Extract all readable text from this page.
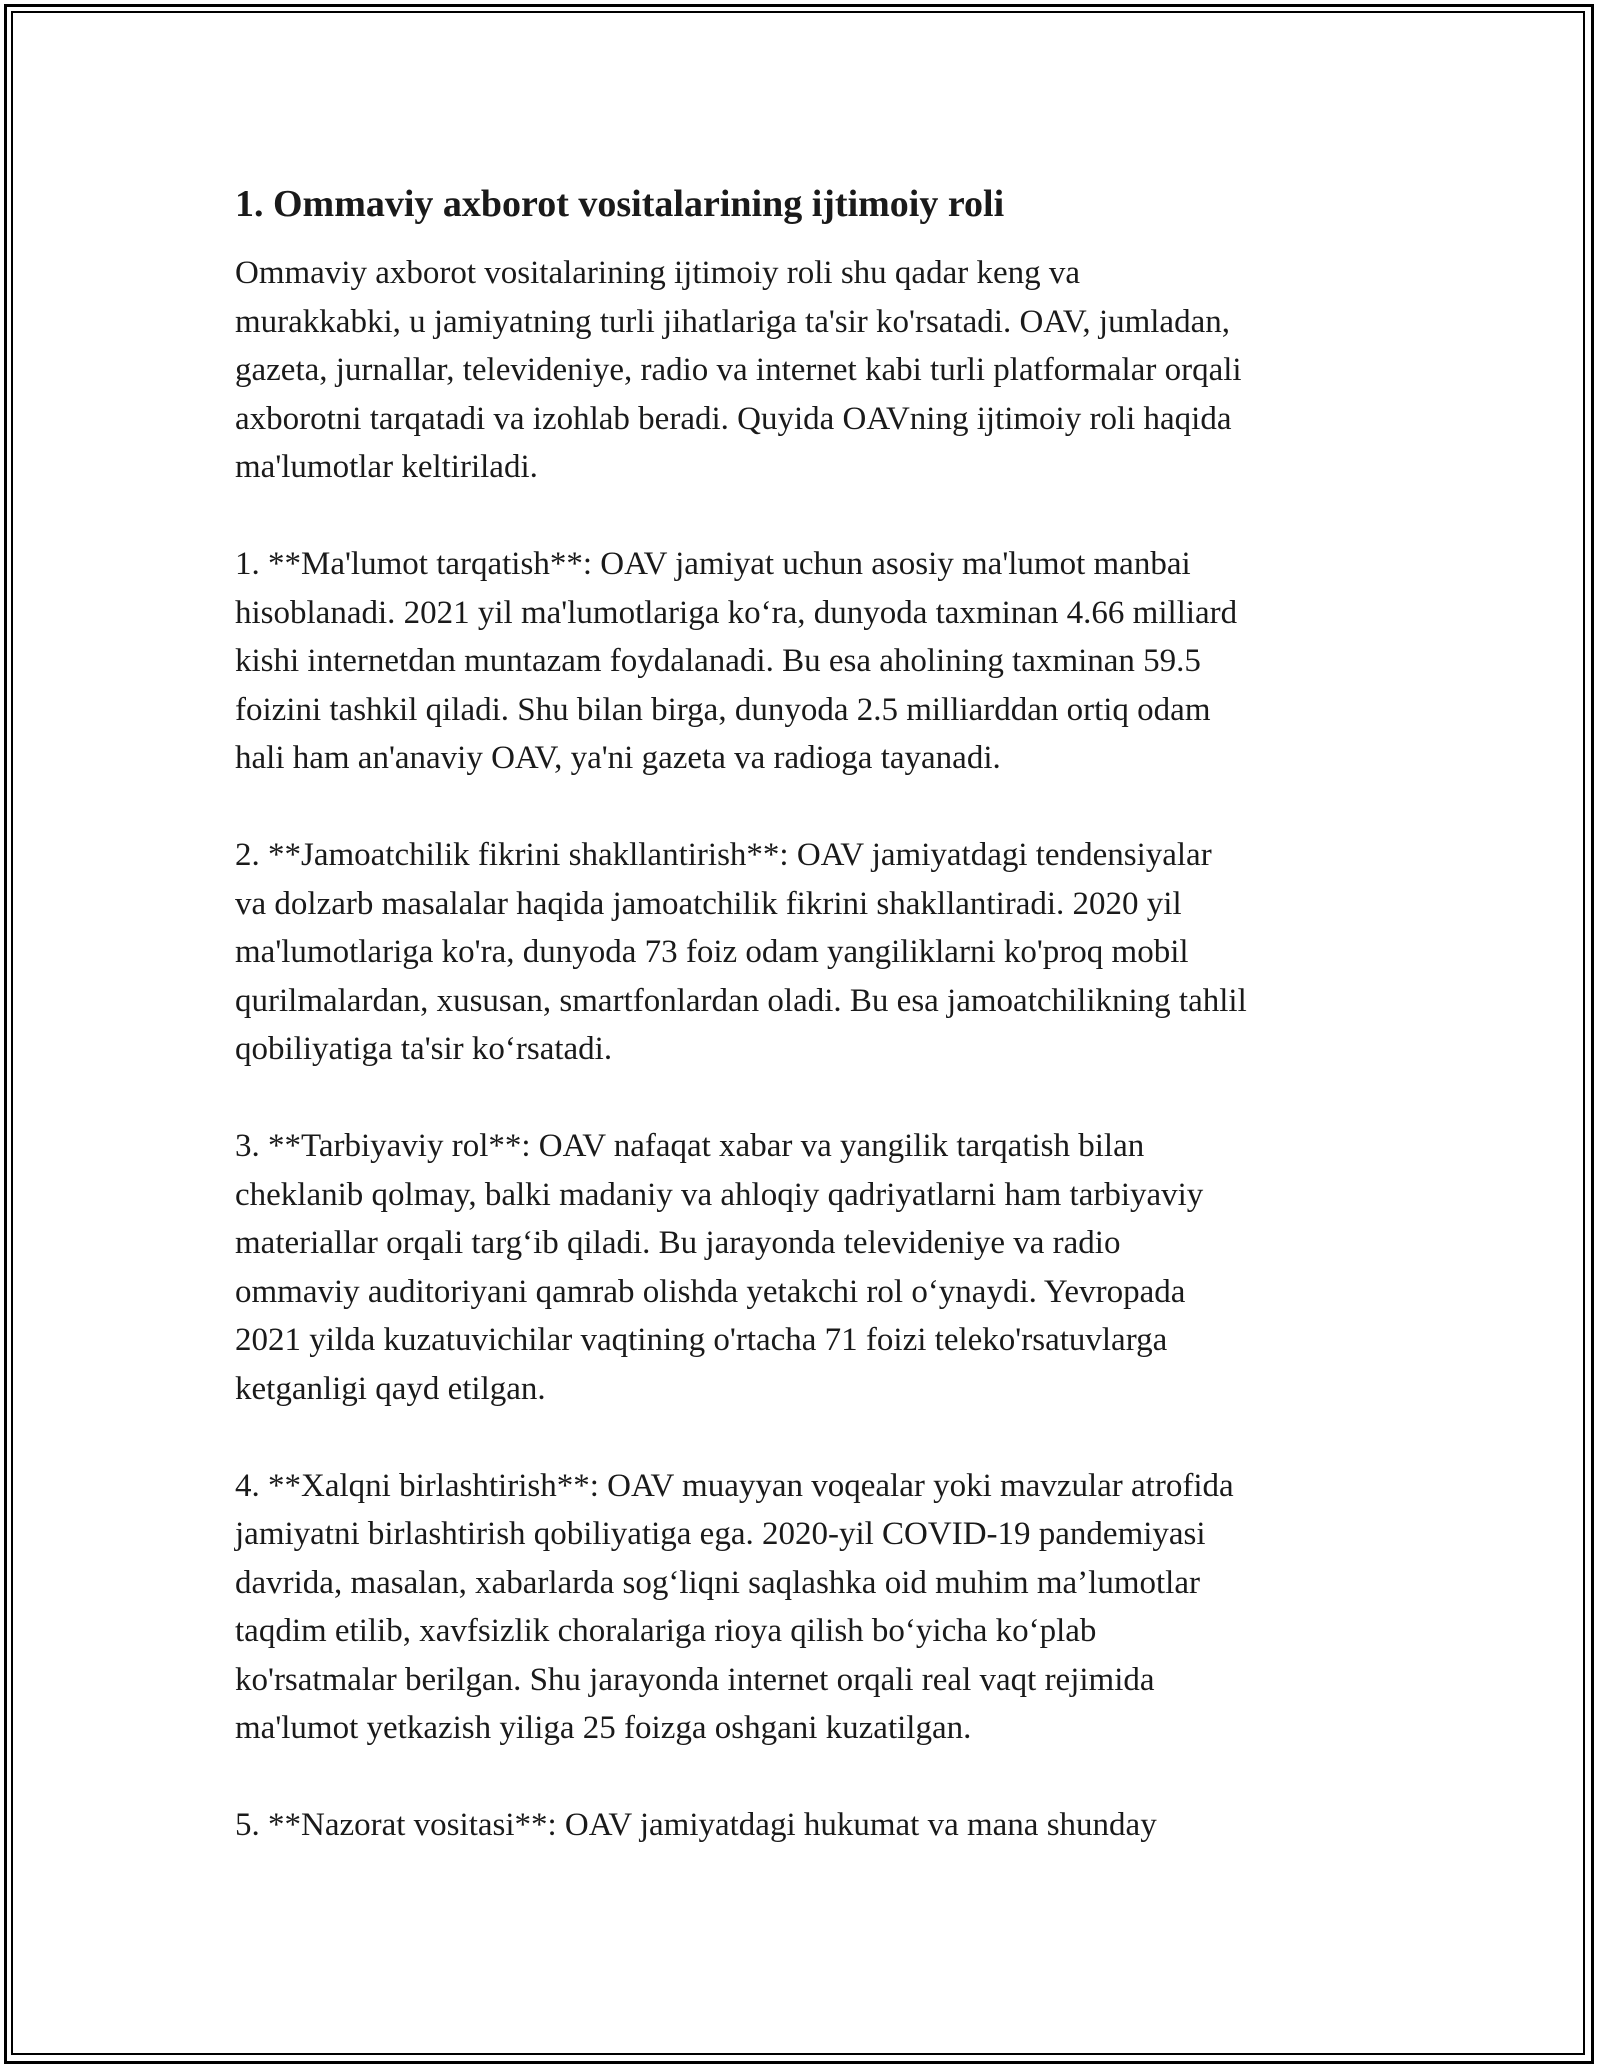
1. Ommaviy axborot vositalarining ijtimoiy roli

Ommaviy axborot vositalarining ijtimoiy roli shu qadar keng va
murakkabki, u jamiyatning turli jihatlariga ta'sir ko'rsatadi. OAV, jumladan,
gazeta, jurnallar, televideniye, radio va internet kabi turli platformalar orqali
axborotni tarqatadi va izohlab beradi. Quyida OAVning ijtimoiy roli haqida
ma'lumotlar keltiriladi.

1. **Ma'lumot tarqatish**: OAV jamiyat uchun asosiy ma'lumot manbai
hisoblanadi. 2021 yil ma'lumotlariga ko‘ra, dunyoda taxminan 4.66 milliard
kishi internetdan muntazam foydalanadi. Bu esa aholining taxminan 59.5
foizini tashkil qiladi. Shu bilan birga, dunyoda 2.5 milliarddan ortiq odam
hali ham an'anaviy OAV, ya'ni gazeta va radioga tayanadi.

2. **Jamoatchilik fikrini shakllantirish**: OAV jamiyatdagi tendensiyalar
va dolzarb masalalar haqida jamoatchilik fikrini shakllantiradi. 2020 yil
ma'lumotlariga ko'ra, dunyoda 73 foiz odam yangiliklarni ko'proq mobil
qurilmalardan, xususan, smartfonlardan oladi. Bu esa jamoatchilikning tahlil
qobiliyatiga ta'sir ko‘rsatadi.

3. **Tarbiyaviy rol**: OAV nafaqat xabar va yangilik tarqatish bilan
cheklanib qolmay, balki madaniy va ahloqiy qadriyatlarni ham tarbiyaviy
materiallar orqali targ‘ib qiladi. Bu jarayonda televideniye va radio
ommaviy auditoriyani qamrab olishda yetakchi rol o‘ynaydi. Yevropada
2021 yilda kuzatuvichilar vaqtining o'rtacha 71 foizi teleko'rsatuvlarga
ketganligi qayd etilgan.

4. **Xalqni birlashtirish**: OAV muayyan voqealar yoki mavzular atrofida
jamiyatni birlashtirish qobiliyatiga ega. 2020-yil COVID-19 pandemiyasi
davrida, masalan, xabarlarda sog‘liqni saqlashka oid muhim ma’lumotlar
taqdim etilib, xavfsizlik choralariga rioya qilish bo‘yicha ko‘plab
ko'rsatmalar berilgan. Shu jarayonda internet orqali real vaqt rejimida
ma'lumot yetkazish yiliga 25 foizga oshgani kuzatilgan.

5. **Nazorat vositasi**: OAV jamiyatdagi hukumat va mana shunday
